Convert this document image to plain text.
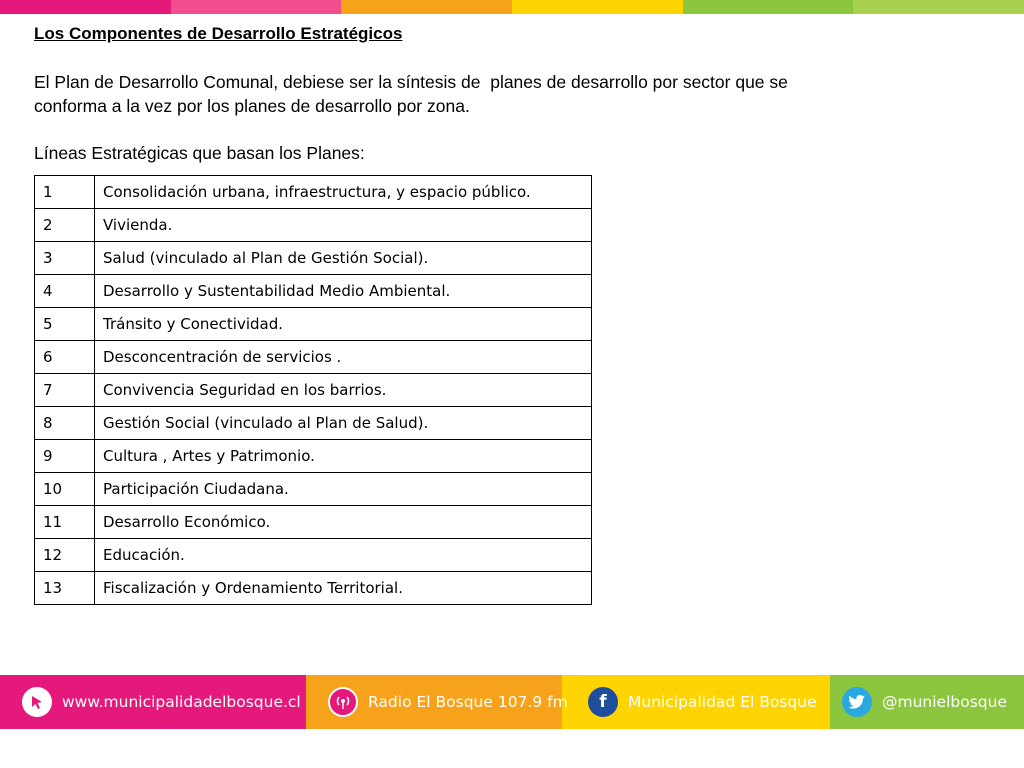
Los Componentes de Desarrollo Estratégicos
El Plan de Desarrollo Comunal, debiese ser la síntesis de  planes de desarrollo por sector que se
conforma a la vez por los planes de desarrollo por zona.
Líneas Estratégicas que basan los Planes:
1	Consolidación urbana, infraestructura, y espacio público.
2	Vivienda.
3	Salud (vinculado al Plan de Gestión Social).
4	Desarrollo y Sustentabilidad Medio Ambiental.
5	Tránsito y Conectividad.
6	Desconcentración de servicios .
7	Convivencia Seguridad en los barrios.
8	Gestión Social (vinculado al Plan de Salud).
9	Cultura , Artes y Patrimonio.
10	Participación Ciudadana.
11	Desarrollo Económico.
12	Educación.
13	Fiscalización y Ordenamiento Territorial.
www.municipalidadelbosque.cl	Radio El Bosque 107.9 fm	f	Municipalidad El Bosque	@munielbosque
